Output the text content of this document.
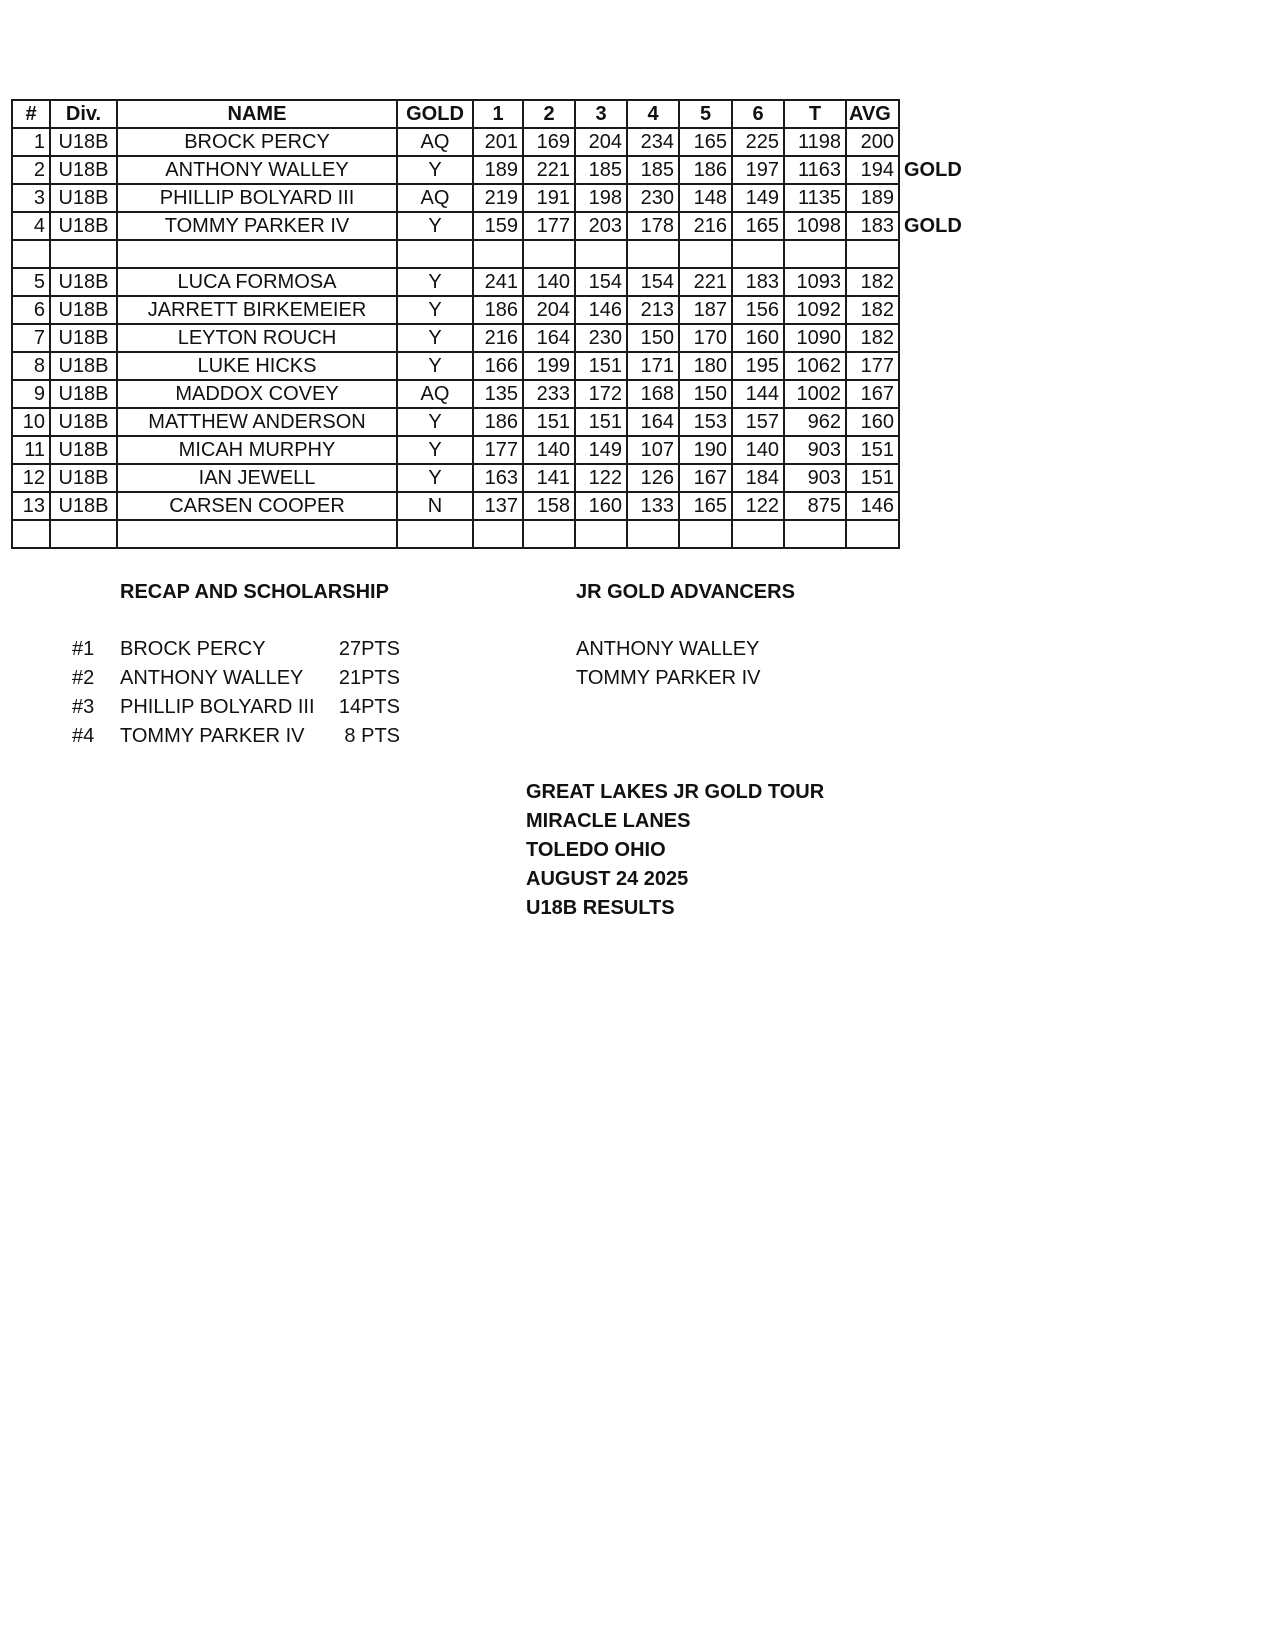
#	Div.	NAME	GOLD	1	2	3	4	5	6	T	AVG	
1	U18B	BROCK PERCY	AQ	201	169	204	234	165	225	1198	200	
2	U18B	ANTHONY WALLEY	Y	189	221	185	185	186	197	1163	194	GOLD
3	U18B	PHILLIP BOLYARD III	AQ	219	191	198	230	148	149	1135	189	
4	U18B	TOMMY PARKER IV	Y	159	177	203	178	216	165	1098	183	GOLD

5	U18B	LUCA FORMOSA	Y	241	140	154	154	221	183	1093	182	
6	U18B	JARRETT BIRKEMEIER	Y	186	204	146	213	187	156	1092	182	
7	U18B	LEYTON ROUCH	Y	216	164	230	150	170	160	1090	182	
8	U18B	LUKE HICKS	Y	166	199	151	171	180	195	1062	177	
9	U18B	MADDOX COVEY	AQ	135	233	172	168	150	144	1002	167	
10	U18B	MATTHEW ANDERSON	Y	186	151	151	164	153	157	962	160	
11	U18B	MICAH MURPHY	Y	177	140	149	107	190	140	903	151	
12	U18B	IAN JEWELL	Y	163	141	122	126	167	184	903	151	
13	U18B	CARSEN COOPER	N	137	158	160	133	165	122	875	146	

RECAP AND SCHOLARSHIP
#1 BROCK PERCY	27PTS
#2 ANTHONY WALLEY 21PTS
#3 PHILLIP BOLYARD III 14PTS
#4 TOMMY PARKER IV 8 PTS
JR GOLD ADVANCERS
ANTHONY WALLEY
TOMMY PARKER IV
GREAT LAKES JR GOLD TOUR
MIRACLE LANES
TOLEDO OHIO
AUGUST 24 2025
U18B RESULTS
